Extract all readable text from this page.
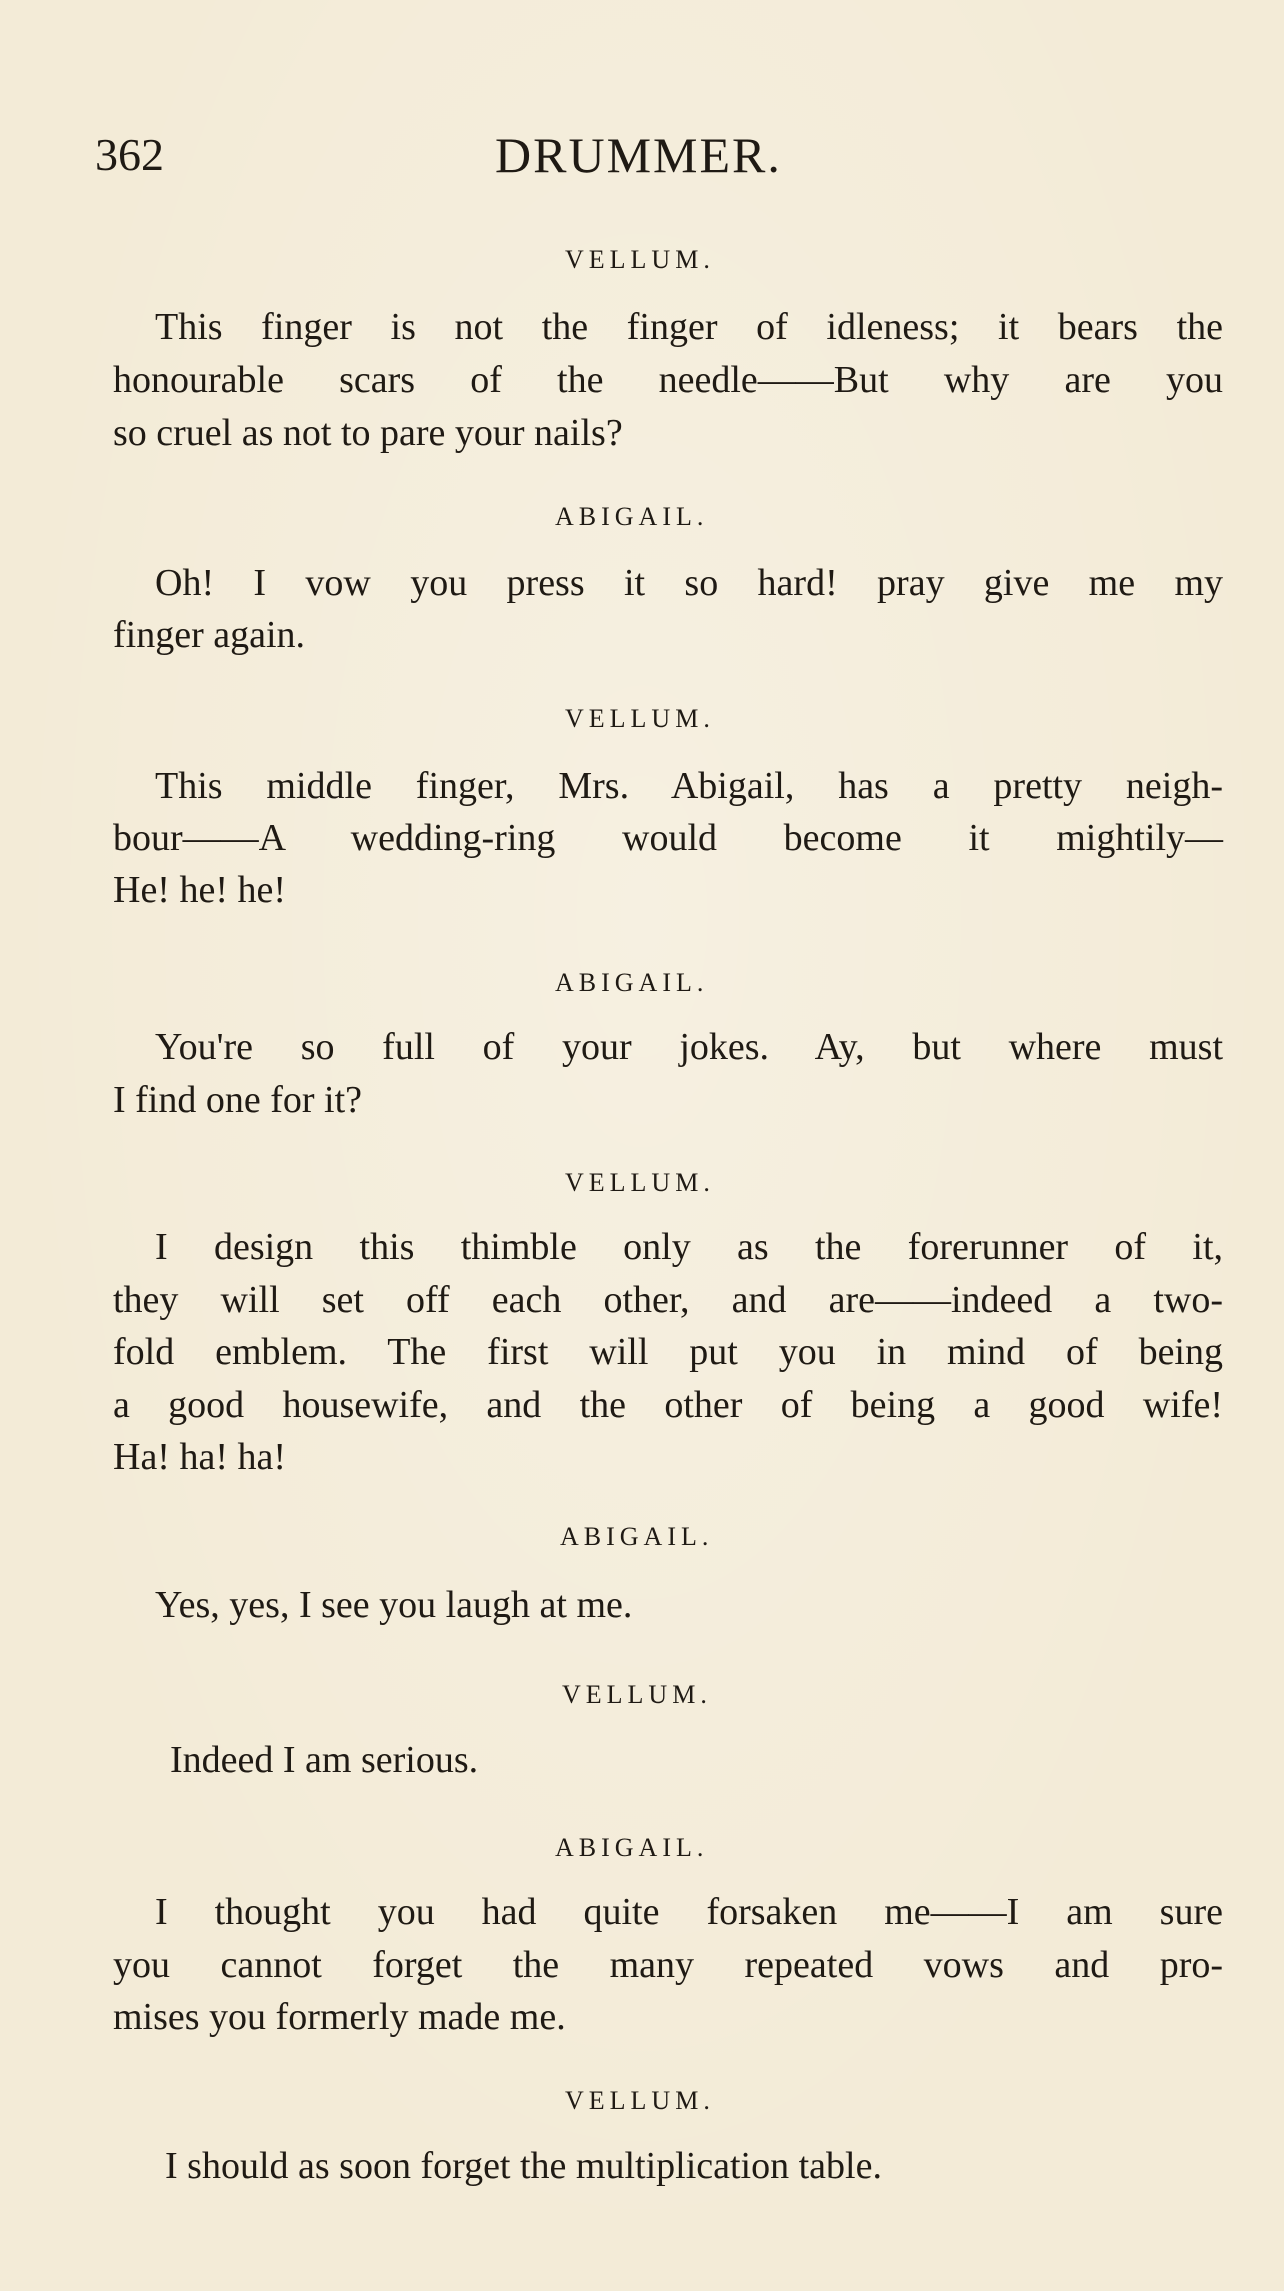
362	DRUMMER.
VELLUM.
This finger is not the finger of idleness; it bears the
honourable scars of the needle——But why are you
so cruel as not to pare your nails?
ABIGAIL.
Oh! I vow you press it so hard! pray give me my
finger again.
VELLUM.
This middle finger, Mrs. Abigail, has a pretty neigh-
bour——A wedding-ring would become it mightily—
He! he! he!
ABIGAIL.
You're so full of your jokes. Ay, but where must
I find one for it?
VELLUM.
I design this thimble only as the forerunner of it,
they will set off each other, and are——indeed a two-
fold emblem. The first will put you in mind of being
a good housewife, and the other of being a good wife!
Ha! ha! ha!
ABIGAIL.
Yes, yes, I see you laugh at me.
VELLUM.
Indeed I am serious.
ABIGAIL.
I thought you had quite forsaken me——I am sure
you cannot forget the many repeated vows and pro-
mises you formerly made me.
VELLUM.
I should as soon forget the multiplication table.
